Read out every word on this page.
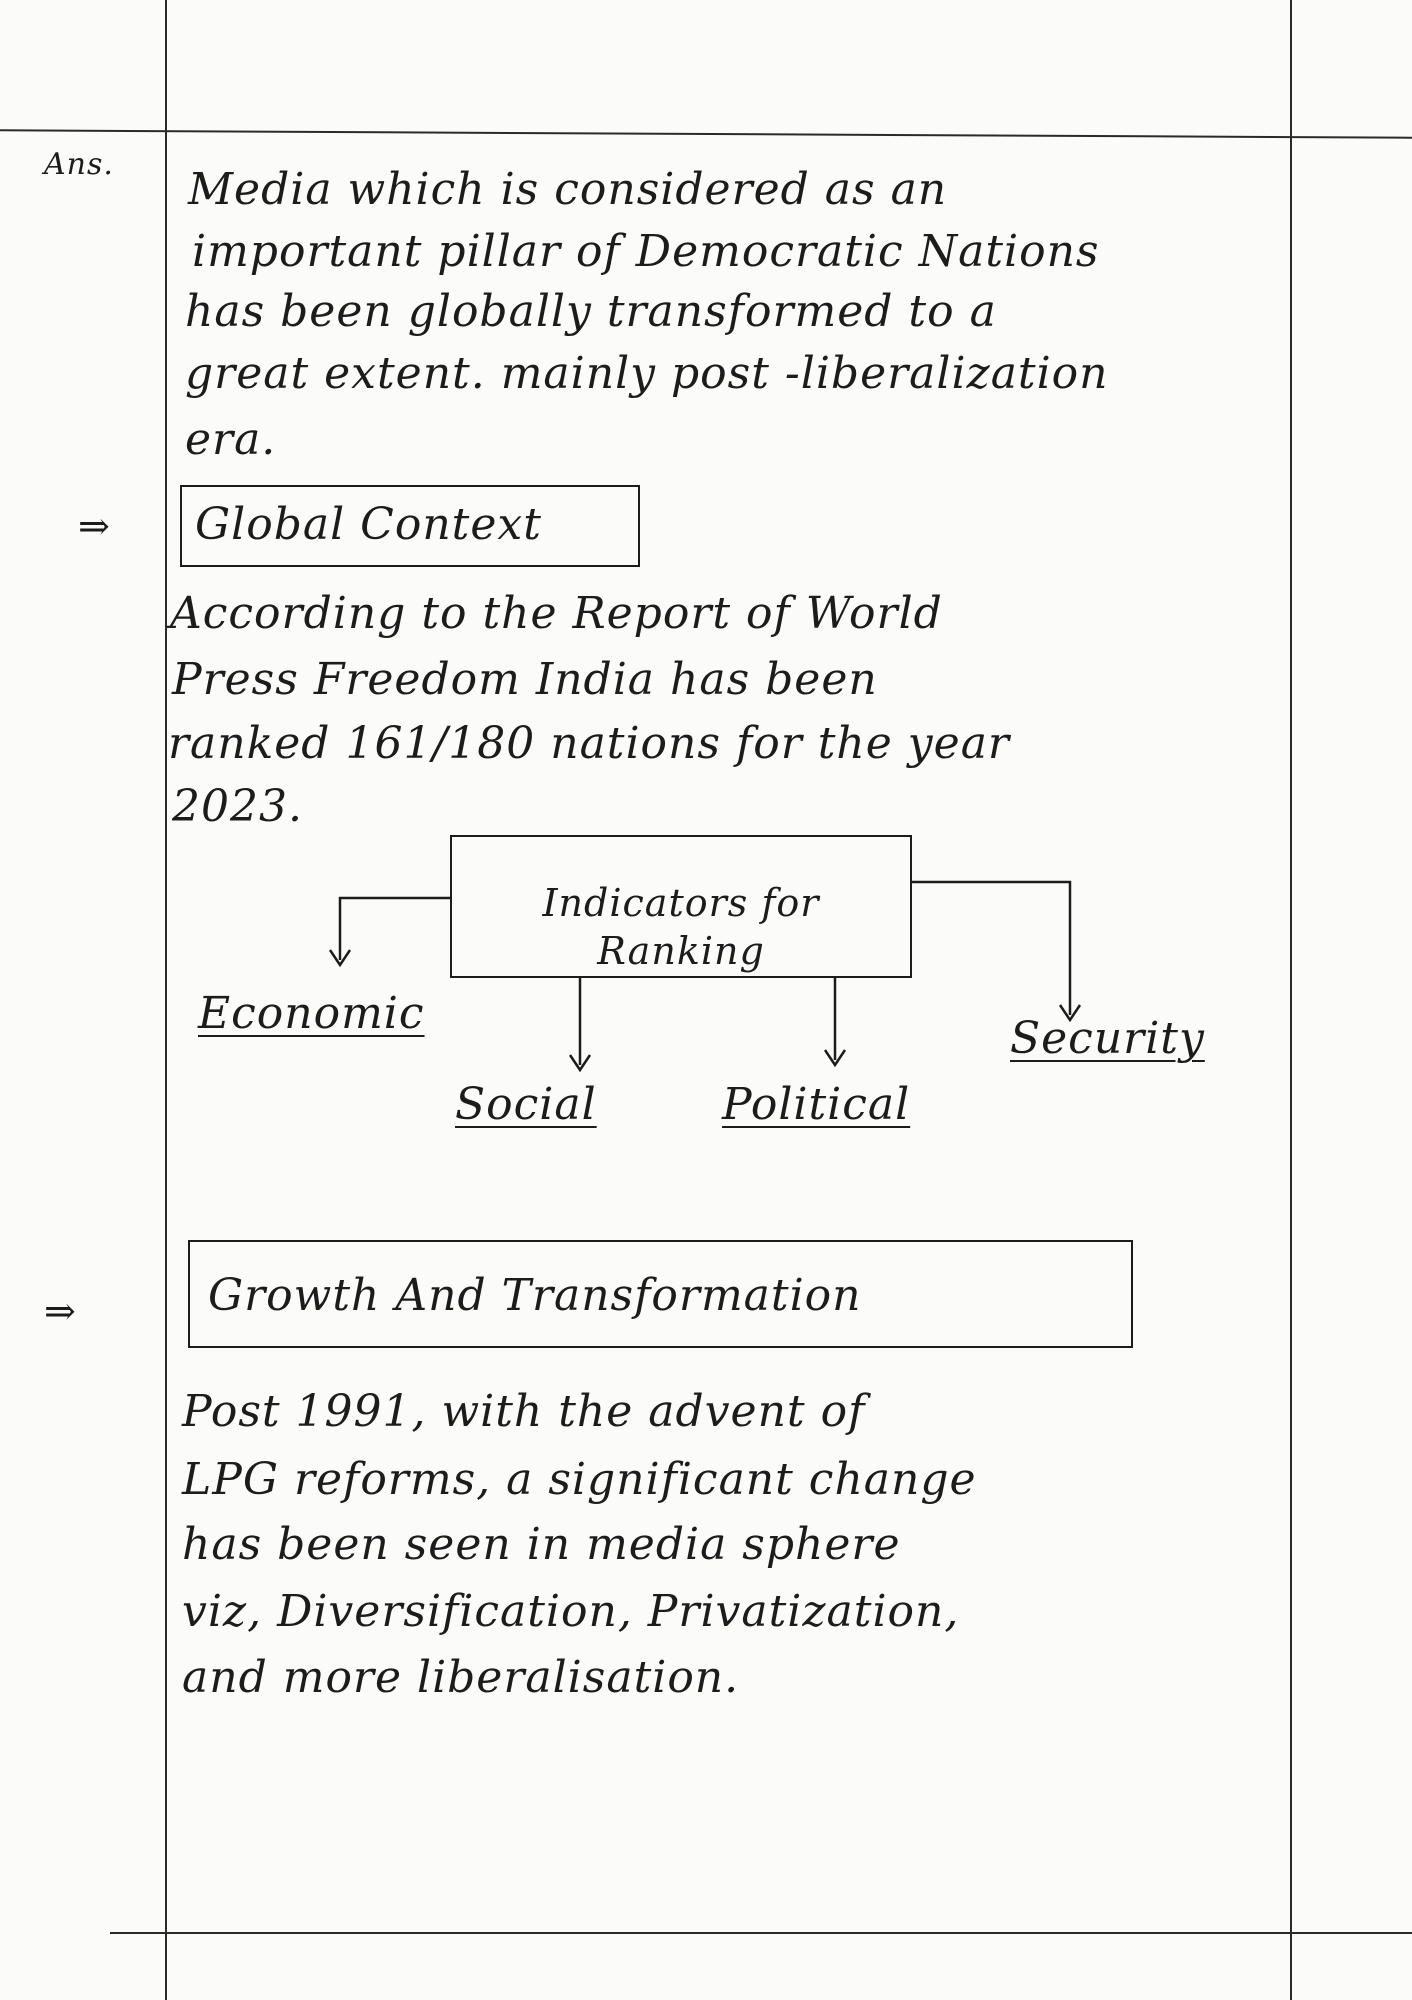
Ans. Media which is considered as an
important pillar of Democratic Nations
has been globally transformed to a
great extent. mainly post -liberalization
era.
⇒ Global Context
According to the Report of World
Press Freedom India has been
ranked 161/180 nations for the year
2023.
Indicators for Ranking
Economic
Social	Political
Security
⇒	Growth And Transformation
Post 1991, with the advent of
LPG reforms, a significant change
has been seen in media sphere
viz, Diversification, Privatization,
and more liberalisation.
